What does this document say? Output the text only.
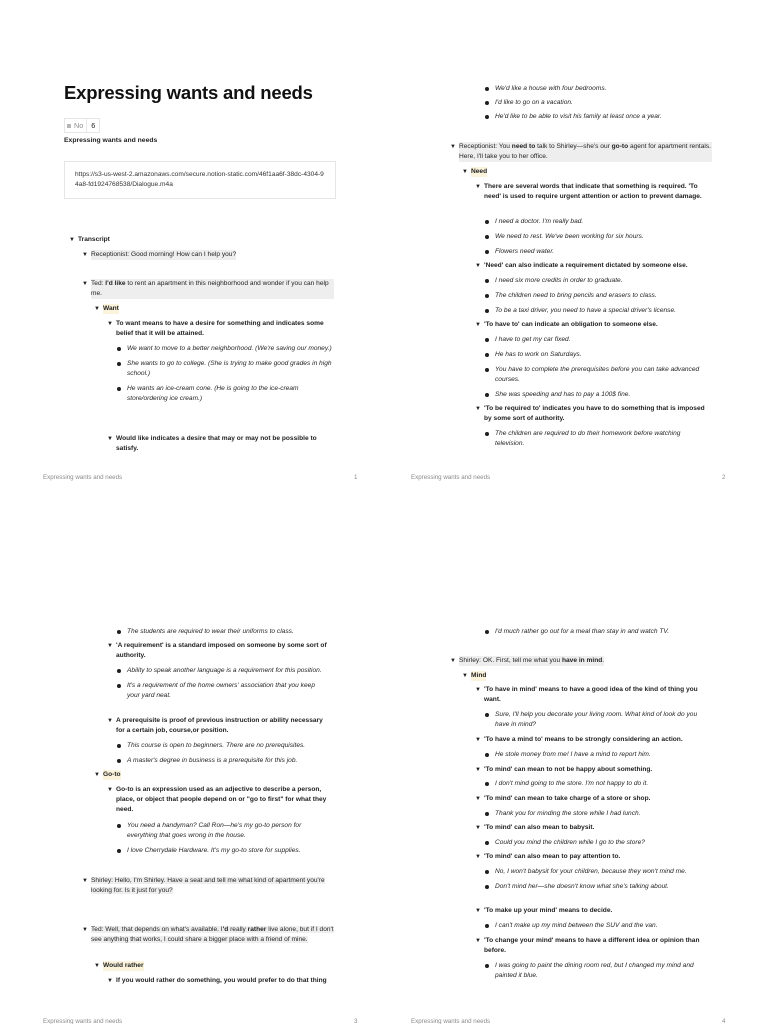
Expressing wants and needs
No	6
Expressing wants and needs
https://s3-us-west-2.amazonaws.com/secure.notion-static.com/46f1aa6f-38dc-4304-94a8-fd1924768538/Dialogue.m4a
▼ Transcript
▼ Receptionist: Good morning! How can I help you?
▼ Ted: I'd like to rent an apartment in this neighborhood and wonder if you can help me.
▼ Want
▼ To want means to have a desire for something and indicates some belief that it will be attained.
We want to move to a better neighborhood. (We're saving our money.)
She wants to go to college. (She is trying to make good grades in high school.)
He wants an ice-cream cone. (He is going to the ice-cream store/ordering ice cream.)
▼ Would like indicates a desire that may or may not be possible to satisfy.
Expressing wants and needs	1
We'd like a house with four bedrooms.
I'd like to go on a vacation.
He'd like to be able to visit his family at least once a year.
▼ Receptionist: You need to talk to Shirley—she's our go-to agent for apartment rentals. Here, I'll take you to her office.
▼ Need
▼ There are several words that indicate that something is required. 'To need' is used to require urgent attention or action to prevent damage.
I need a doctor. I'm really bad.
We need to rest. We've been working for six hours.
Flowers need water.
▼ 'Need' can also indicate a requirement dictated by someone else.
I need six more credits in order to graduate.
The children need to bring pencils and erasers to class.
To be a taxi driver, you need to have a special driver's license.
▼ 'To have to' can indicate an obligation to someone else.
I have to get my car fixed.
He has to work on Saturdays.
You have to complete the prerequisites before you can take advanced courses.
She was speeding and has to pay a 100$ fine.
▼ 'To be required to' indicates you have to do something that is imposed by some sort of authority.
The children are required to do their homework before watching television.
Expressing wants and needs	2
The students are required to wear their uniforms to class.
▼ 'A requirement' is a standard imposed on someone by some sort of authority.
Ability to speak another language is a requirement for this position.
It's a requirement of the home owners' association that you keep your yard neat.
▼ A prerequisite is proof of previous instruction or ability necessary for a certain job, course,or position.
This course is open to beginners. There are no prerequisites.
A master's degree in business is a prerequisite for this job.
▼ Go-to
▼ Go-to is an expression used as an adjective to describe a person, place, or object that people depend on or "go to first" for what they need.
You need a handyman? Call Ron—he's my go-to person for everything that goes wrong in the house.
I love Cherrydale Hardware. It's my go-to store for supplies.
▼ Shirley: Hello, I'm Shirley. Have a seat and tell me what kind of apartment you're
looking for. Is it just for you?
▼ Ted: Well, that depends on what's available. I'd really rather live alone, but if I don't
see anything that works, I could share a bigger place with a friend of mine.
▼ Would rather
▼ If you would rather do something, you would prefer to do that thing
Expressing wants and needs	3
I'd much rather go out for a meal than stay in and watch TV.
▼ Shirley: OK. First, tell me what you have in mind.
▼ Mind
▼ 'To have in mind' means to have a good idea of the kind of thing you want.
Sure, I'll help you decorate your living room. What kind of look do you have in mind?
▼ 'To have a mind to' means to be strongly considering an action.
He stole money from me! I have a mind to report him.
▼ 'To mind' can mean to not be happy about something.
I don't mind going to the store. I'm not happy to do it.
▼ 'To mind' can mean to take charge of a store or shop.
Thank you for minding the store while I had lunch.
▼ 'To mind' can also mean to babysit.
Could you mind the children while I go to the store?
▼ 'To mind' can also mean to pay attention to.
No, I won't babysit for your children, because they won't mind me.
Don't mind her—she doesn't know what she's talking about.
▼ 'To make up your mind' means to decide.
I can't make up my mind between the SUV and the van.
▼ 'To change your mind' means to have a different idea or opinion than before.
I was going to paint the dining room red, but I changed my mind and painted it blue.
Expressing wants and needs	4
